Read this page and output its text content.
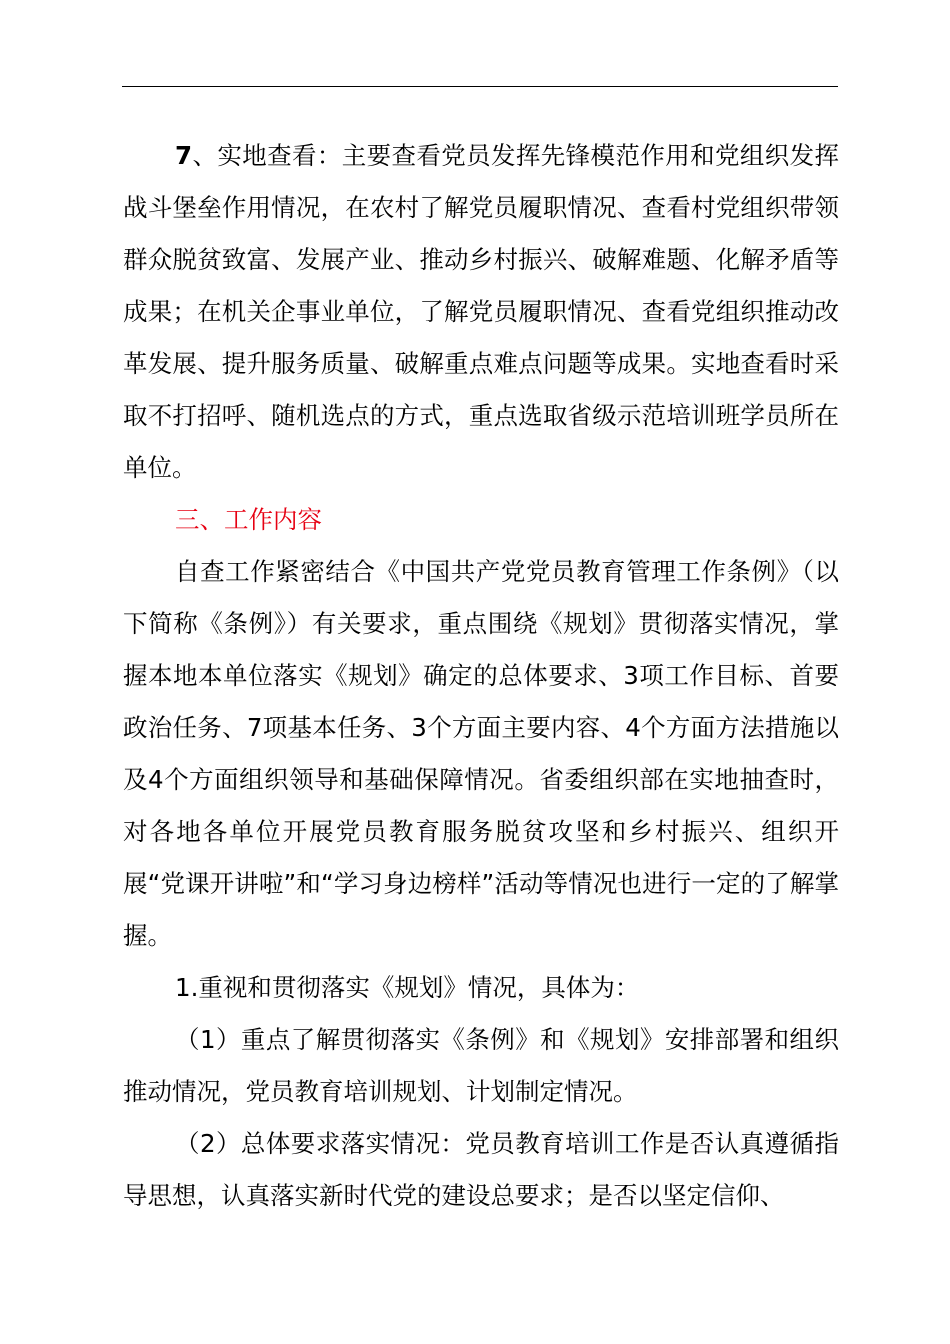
7、实地查看：主要查看党员发挥先锋模范作用和党组织发挥战斗堡垒作用情况，在农村了解党员履职情况、查看村党组织带领群众脱贫致富、发展产业、推动乡村振兴、破解难题、化解矛盾等成果；在机关企事业单位，了解党员履职情况、查看党组织推动改革发展、提升服务质量、破解重点难点问题等成果。实地查看时采取不打招呼、随机选点的方式，重点选取省级示范培训班学员所在单位。

三、工作内容

自查工作紧密结合《中国共产党党员教育管理工作条例》（以下简称《条例》）有关要求，重点围绕《规划》贯彻落实情况，掌握本地本单位落实《规划》确定的总体要求、3项工作目标、首要政治任务、7项基本任务、3个方面主要内容、4个方面方法措施以及4个方面组织领导和基础保障情况。省委组织部在实地抽查时，对各地各单位开展党员教育服务脱贫攻坚和乡村振兴、组织开展“党课开讲啦”和“学习身边榜样”活动等情况也进行一定的了解掌握。

1.重视和贯彻落实《规划》情况，具体为：

（1）重点了解贯彻落实《条例》和《规划》安排部署和组织推动情况，党员教育培训规划、计划制定情况。

（2）总体要求落实情况：党员教育培训工作是否认真遵循指导思想，认真落实新时代党的建设总要求；是否以坚定信仰、
